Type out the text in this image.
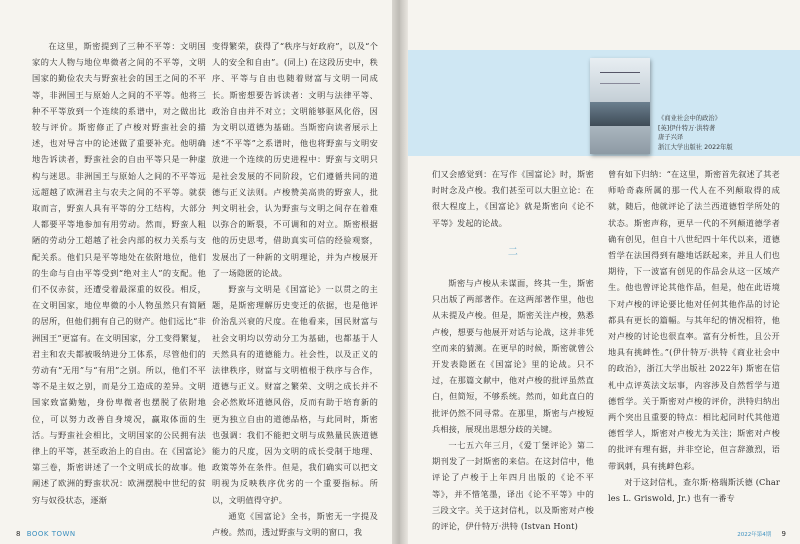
在这里，斯密提到了三种不平等：文明国家的大人物与地位卑微者之间的不平等，文明国家的勤俭农夫与野蛮社会的国王之间的不平等，非洲国王与原始人之间的不平等。他将三种不平等放到一个连续的系谱中，对之做出比较与评价。斯密修正了卢梭对野蛮社会的描述，也对导言中的论述做了重要补充。他明确地告诉读者，野蛮社会的自由平等只是一种虚构与迷思。非洲国王与原始人之间的不平等远远超越了欧洲君主与农夫之间的不平等。就获取而言，野蛮人具有平等的分工结构，大部分人都要平等地参加有用劳动。然而，野蛮人粗陋的劳动分工超越了社会内部的权力关系与支配关系。他们只是平等地处在依附地位，他们的生命与自由平等受到“绝对主人”的支配。他们不仅赤贫，还遭受着最深重的奴役。相反，在文明国家，地位卑微的小人物虽然只有简陋的居所，但他们拥有自己的财产。他们远比“非洲国王”更富有。在文明国家，分工变得繁复，君主和农夫都被吸纳进分工体系，尽管他们的劳动有“无用”与“有用”之别。所以，他们不平等不是主奴之别，而是分工造成的差异。文明国家致富勤勉，身份卑微者也摆脱了依附地位，可以努力改善自身境况，赢取体面的生活。与野蛮社会相比，文明国家的公民拥有法律上的平等，甚至政治上的自由。在《国富论》第三卷，斯密讲述了一个文明成长的故事。他阐述了欧洲的野蛮状况：欧洲摆脱中世纪的贫穷与奴役状态，逐渐

变得繁荣，获得了“秩序与好政府”，以及“个人的安全和自由”。(同上) 在这段历史中，秩序、平等与自由也随着财富与文明一同成长。斯密想要告诉读者：文明与法律平等、政治自由并不对立；文明能够驱风化俗，因为文明以道德为基础。当斯密向读者展示上述“不平等”之系谱时，他也将野蛮与文明安放进一个连续的历史进程中：野蛮与文明只是社会发展的不同阶段，它们遵循共同的道德与正义法则。卢梭赞美高贵的野蛮人，批判文明社会，认为野蛮与文明之间存在着难以弥合的断裂，不可调和的对立。斯密根据他的历史思考，借助真实可信的经验观察，发展出了一种新的文明理论，并为卢梭展开了一场隐匿的论战。

野蛮与文明是《国富论》一以贯之的主题，是斯密理解历史变迁的依据，也是他评价治乱兴衰的尺度。在他看来，国民财富与社会文明均以劳动分工为基础，也都基于人天然具有的道德能力。社会性，以及正义的法律秩序，财富与文明植根于秩序与合作，道德与正义。财富之繁荣、文明之成长并不会必然败坏道德风俗，反而有助于培育新的更为独立自由的道德品格，与此同时，斯密也强调：我们不能把文明与成熟量民族道德能力的尺度，因为文明的成长受制于地理、政策等外在条件。但是，我们确实可以把文明视为反映秩序优劣的一个重要指标。所以，文明值得守护。

通览《国富论》全书，斯密无一字提及卢梭。然而，透过野蛮与文明的窗口，我

8 BOOK TOWN
《商业社会中的政治》
[英]伊什特万·洪特著
唐子兴译
浙江大学出版社 2022年版

们又会感觉到：在写作《国富论》时，斯密时时念及卢梭。我们甚至可以大胆立论：在很大程度上，《国富论》就是斯密向《论不平等》发起的论战。

二

斯密与卢梭从未谋面，终其一生，斯密只出版了两部著作。在这两部著作里，他也从未提及卢梭。但是，斯密关注卢梭，熟悉卢梭，想要与他展开对话与论战，这并非凭空而来的猜测。在更早的时候，斯密就曾公开发表隐匿在《国富论》里的论战。只不过，在那篇文献中，他对卢梭的批评虽然直白，但简短，不够系统。然而，如此直白的批评仍然不同寻常。在那里，斯密与卢梭短兵相接，展现出思想分歧的关键。

一七五六年三月，《爱丁堡评论》第二期刊发了一封斯密的来信。在这封信中，他评论了卢梭于上年四月出版的《论不平等》，并不惜笔墨，译出《论不平等》中的三段文字。关于这封信札，以及斯密对卢梭的评论，伊什特万·洪特 (Istvan Hont)

曾有如下归纳：“在这里，斯密首先叙述了其老师哈奇森所属的那一代人在不列颠取得的成就，随后，他就评论了法兰西道德哲学所处的状态。斯密声称，更早一代的不列颠道德学者确有创见，但自十八世纪四十年代以来，道德哲学在法国得到有趣地话跃起来，并且人们也期待，下一波富有创见的作品会从这一区域产生。他也曾评论其他作品，但是，他在此语境下对卢梭的评论要比他对任何其他作品的讨论都具有更长的篇幅。与其年纪的情况相符，他对卢梭的讨论也很直率。富有分析性，且公开地具有挑衅性。”(伊什特万·洪特《商业社会中的政治》，浙江大学出版社 2022年) 斯密在信札中点评英法文坛事，内容涉及自然哲学与道德哲学。关于斯密对卢梭的评价，洪特归纳出两个突出且重要的特点：相比起同时代其他道德哲学人，斯密对卢梭尤为关注；斯密对卢梭的批评有理有据，并非空论，但言辞激烈，语带讽刺，具有挑衅色彩。

对于这封信札，查尔斯·格瑞斯沃德 (Charles L. Griswold, Jr.) 也有一番专

2022年第4期 9
